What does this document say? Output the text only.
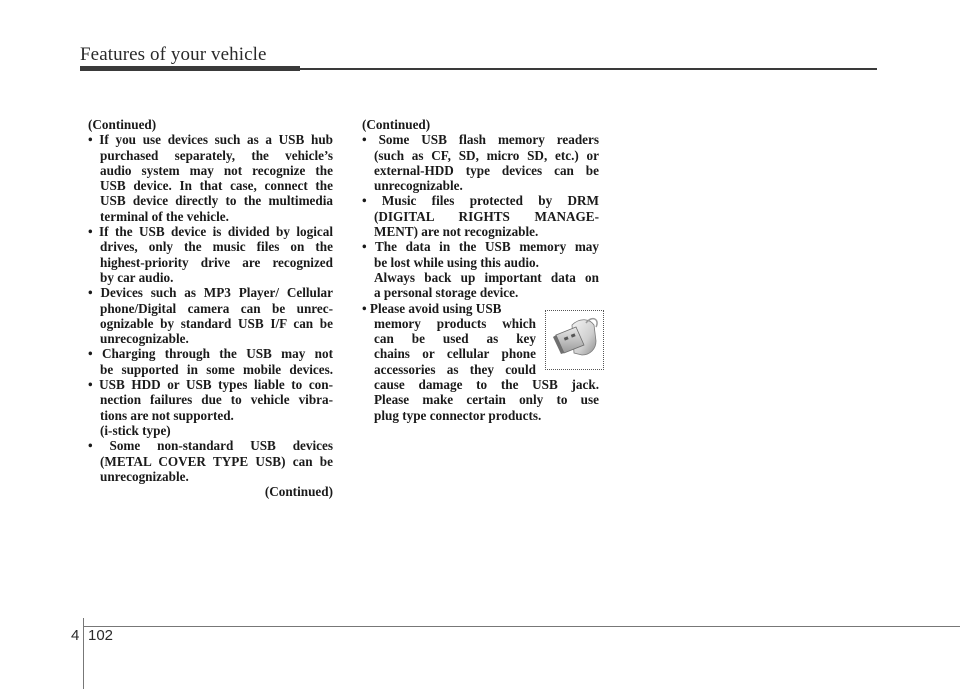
Features of your vehicle
(Continued)
• If you use devices such as a USB hub
purchased separately, the vehicle’s
audio system may not recognize the
USB device. In that case, connect the
USB device directly to the multimedia
terminal of the vehicle.
• If the USB device is divided by logical
drives, only the music files on the
highest-priority drive are recognized
by car audio.
• Devices such as MP3 Player/ Cellular
phone/Digital camera can be unrec-
ognizable by standard USB I/F can be
unrecognizable.
• Charging through the USB may not
be supported in some mobile devices.
• USB HDD or USB types liable to con-
nection failures due to vehicle vibra-
tions are not supported.
(i-stick type)
• Some non-standard USB devices
(METAL COVER TYPE USB) can be
unrecognizable.
(Continued)
(Continued)
• Some USB flash memory readers
(such as CF, SD, micro SD, etc.) or
external-HDD type devices can be
unrecognizable.
• Music files protected by DRM
(DIGITAL RIGHTS MANAGE-
MENT) are not recognizable.
• The data in the USB memory may
be lost while using this audio.
Always back up important data on
a personal storage device.
• Please avoid using USB
memory products which
can be used as key
chains or cellular phone
accessories as they could
cause damage to the USB jack.
Please make certain only to use
plug type connector products.
4 102
